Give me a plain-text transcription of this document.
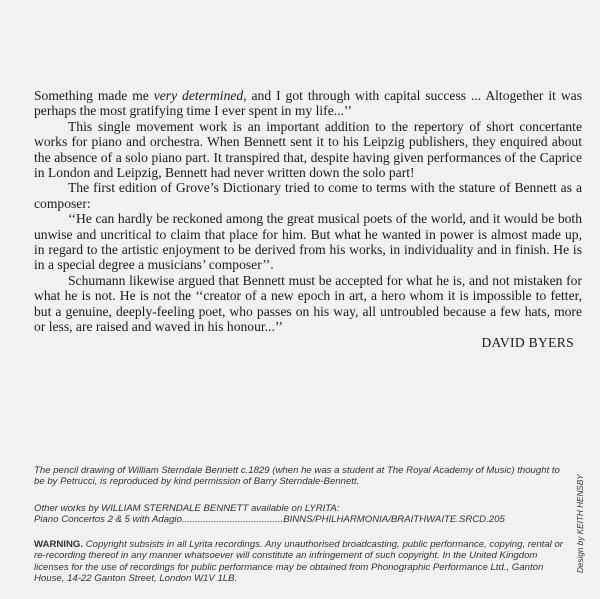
Something made me very determined, and I got through with capital success ... Altogether it was perhaps the most gratifying time I ever spent in my life...’’

This single movement work is an important addition to the repertory of short concertante works for piano and orchestra. When Bennett sent it to his Leipzig publishers, they enquired about the absence of a solo piano part. It transpired that, despite having given performances of the Caprice in London and Leipzig, Bennett had never written down the solo part!

The first edition of Grove’s Dictionary tried to come to terms with the stature of Bennett as a composer:

‘‘He can hardly be reckoned among the great musical poets of the world, and it would be both unwise and uncritical to claim that place for him. But what he wanted in power is almost made up, in regard to the artistic enjoyment to be derived from his works, in individuality and in finish. He is in a special degree a musicians’ composer’’.

Schumann likewise argued that Bennett must be accepted for what he is, and not mistaken for what he is not. He is not the ‘‘creator of a new epoch in art, a hero whom it is impossible to fetter, but a genuine, deeply-feeling poet, who passes on his way, all untroubled because a few hats, more or less, are raised and waved in his honour...’’

DAVID BYERS
The pencil drawing of William Sterndale Bennett c.1829 (when he was a student at The Royal Academy of Music) thought to be by Petrucci, is reproduced by kind permission of Barry Sterndale-Bennett.
Other works by WILLIAM STERNDALE BENNETT available on LYRITA:
Piano Concertos 2 & 5 with Adagio......................................BINNS/PHILHARMONIA/BRAITHWAITE.SRCD.205
WARNING. Copyright subsists in all Lyrita recordings. Any unauthorised broadcasting, public performance, copying, rental or re-recording thereof in any manner whatsoever will constitute an infringement of such copyright. In the United Kingdom licenses for the use of recordings for public performance may be obtained from Phonographic Performance Ltd., Ganton House, 14-22 Ganton Street, London W1V 1LB.
Design by KEITH HENSBY
